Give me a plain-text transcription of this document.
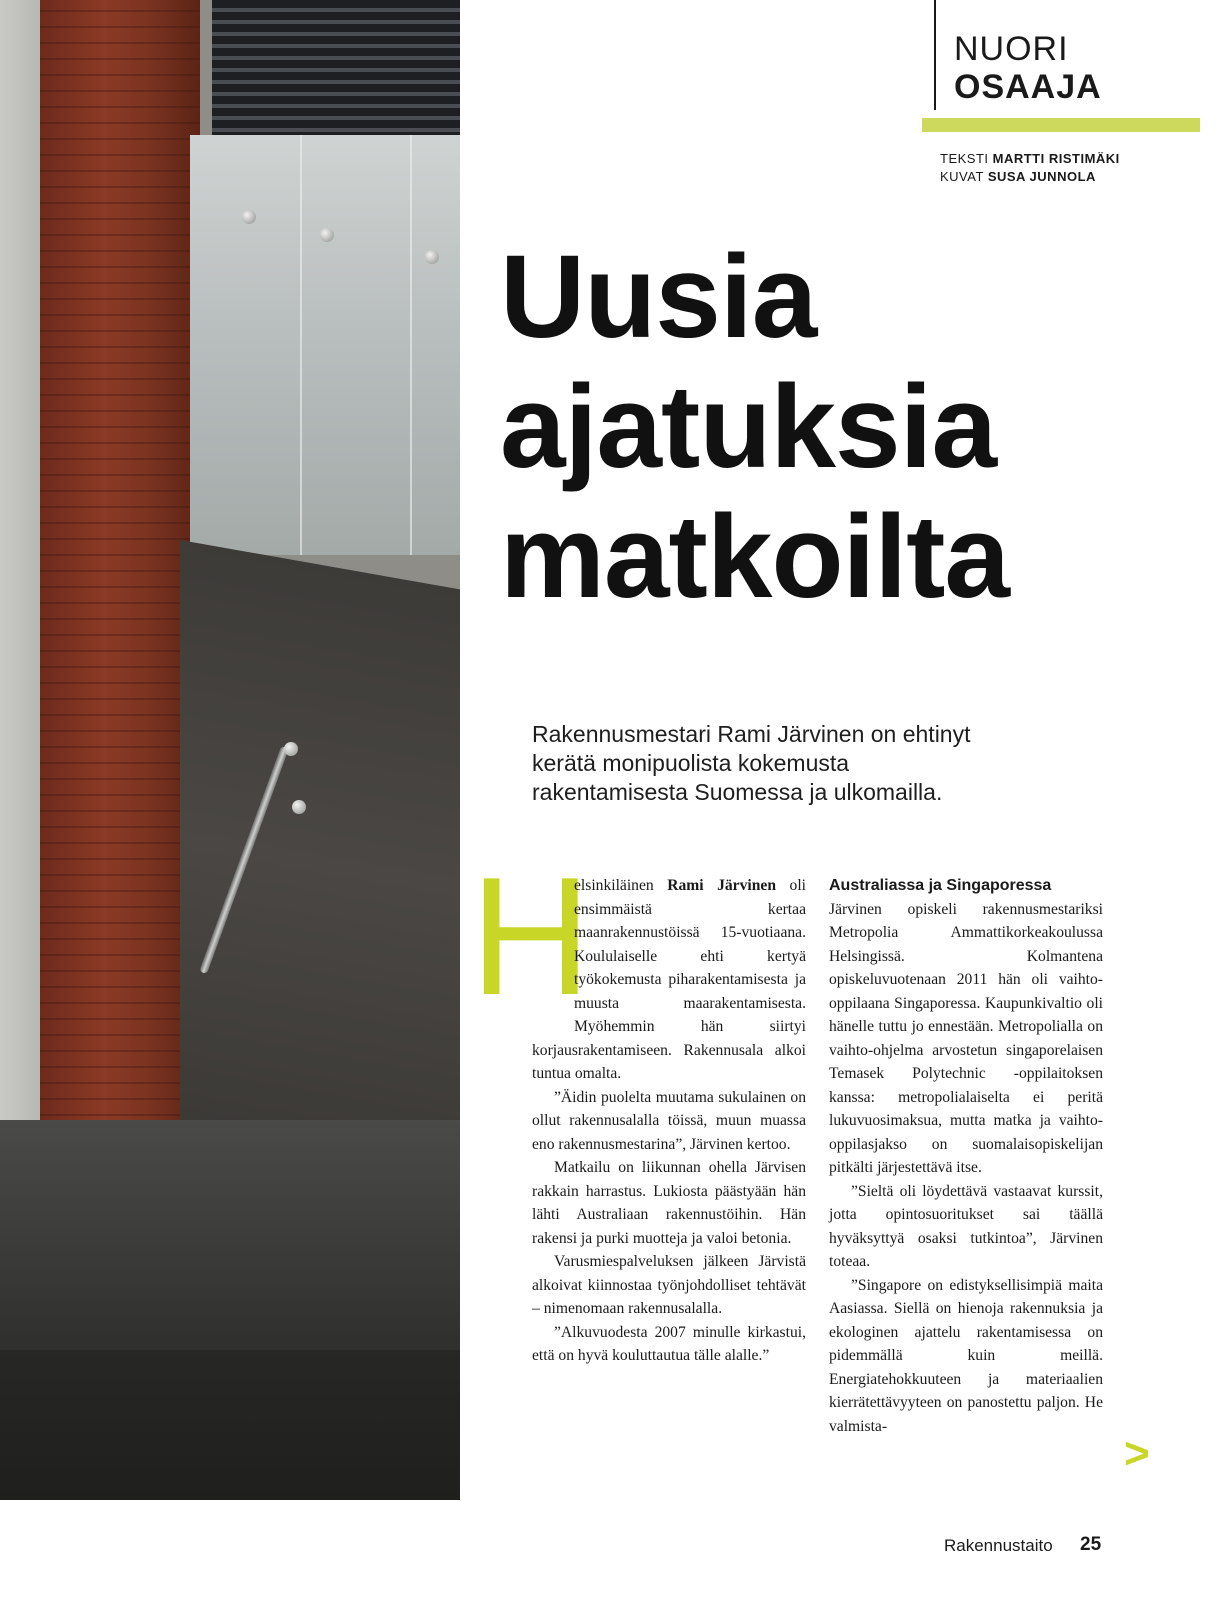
NUORI
OSAAJA
TEKSTI MARTTI RISTIMÄKI
KUVAT SUSA JUNNOLA
Uusia
ajatuksia
matkoilta
Rakennusmestari Rami Järvinen on ehtinyt kerätä monipuolista kokemusta rakentamisesta Suomessa ja ulkomailla.
H

elsinkiläinen Rami Järvinen oli ensimmäistä kertaa maanrakennustöissä 15-vuotiaana. Koululaiselle ehti kertyä työkokemusta piharakentamisesta ja muusta maarakentamisesta. Myöhemmin hän siirtyi korjausrakentamiseen. Rakennusala alkoi tuntua omalta.

”Äidin puolelta muutama sukulainen on ollut rakennusalalla töissä, muun muassa eno rakennusmestarina”, Järvinen kertoo.

Matkailu on liikunnan ohella Järvisen rakkain harrastus. Lukiosta päästyään hän lähti Australiaan rakennustöihin. Hän rakensi ja purki muotteja ja valoi betonia.

Varusmiespalveluksen jälkeen Järvistä alkoivat kiinnostaa työnjohdolliset tehtävät – nimenomaan rakennusalalla.

”Alkuvuodesta 2007 minulle kirkastui, että on hyvä kouluttautua tälle alalle.”

Australiassa ja Singaporessa

Järvinen opiskeli rakennusmestariksi Metropolia Ammattikorkeakoulussa Helsingissä. Kolmantena opiskeluvuotenaan 2011 hän oli vaihto-oppilaana Singaporessa. Kaupunkivaltio oli hänelle tuttu jo ennestään. Metropolialla on vaihto-ohjelma arvostetun singaporelaisen Temasek Polytechnic -oppilaitoksen kanssa: metropolialaiselta ei peritä lukuvuosimaksua, mutta matka ja vaihto-oppilasjakso on suomalaisopiskelijan pitkälti järjestettävä itse.

”Sieltä oli löydettävä vastaavat kurssit, jotta opintosuoritukset sai täällä hyväksyttyä osaksi tutkintoa”, Järvinen toteaa.

”Singapore on edistyksellisimpiä maita Aasiassa. Siellä on hienoja rakennuksia ja ekologinen ajattelu rakentamisessa on pidemmällä kuin meillä. Energiatehokkuuteen ja materiaalien kierrätettävyyteen on panostettu paljon. He valmista-

>
Rakennustaito 25
